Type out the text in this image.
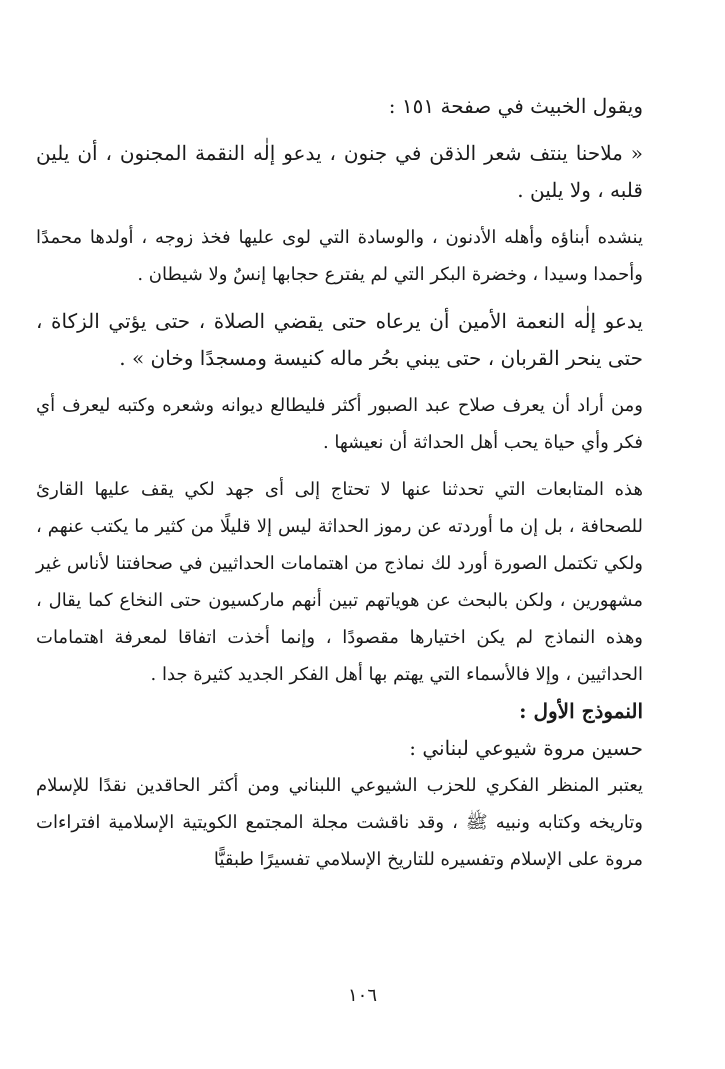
ويقول الخبيث في صفحة ١٥١ :

« ملاحنا ينتف شعر الذقن في جنون ، يدعو إلٰه النقمة المجنون ، أن يلين قلبه ، ولا يلين .

ينشده أبناؤه وأهله الأدنون ، والوسادة التي لوى عليها فخذ زوجه ، أولدها محمدًا وأحمدا وسيدا ، وخضرة البكر التي لم يفترع حجابها إنسٌ ولا شيطان .

يدعو إلٰه النعمة الأمين أن يرعاه حتى يقضي الصلاة ، حتى يؤتي الزكاة ، حتى ينحر القربان ، حتى يبني بحُر ماله كنيسة ومسجدًا وخان » .

ومن أراد أن يعرف صلاح عبد الصبور أكثر فليطالع ديوانه وشعره وكتبه ليعرف أي فكر وأي حياة يحب أهل الحداثة أن نعيشها .

هذه المتابعات التي تحدثنا عنها لا تحتاج إلى أى جهد لكي يقف عليها القارئ للصحافة ، بل إن ما أوردته عن رموز الحداثة ليس إلا قليلًا من كثير ما يكتب عنهم ، ولكي تكتمل الصورة أورد لك نماذج من اهتمامات الحداثيين في صحافتنا لأناس غير مشهورين ، ولكن بالبحث عن هوياتهم تبين أنهم ماركسيون حتى النخاع كما يقال ، وهذه النماذج لم يكن اختيارها مقصودًا ، وإنما أخذت اتفاقا لمعرفة اهتمامات الحداثيين ، وإلا فالأسماء التي يهتم بها أهل الفكر الجديد كثيرة جدا .

النموذج الأول :

حسين مروة شيوعي لبناني :

يعتبر المنظر الفكري للحزب الشيوعي اللبناني ومن أكثر الحاقدين نقدًا للإسلام وتاريخه وكتابه ونبيه ﷺ ، وقد ناقشت مجلة المجتمع الكويتية الإسلامية افتراءات مروة على الإسلام وتفسيره للتاريخ الإسلامي تفسيرًا طبقيًّا

١٠٦
